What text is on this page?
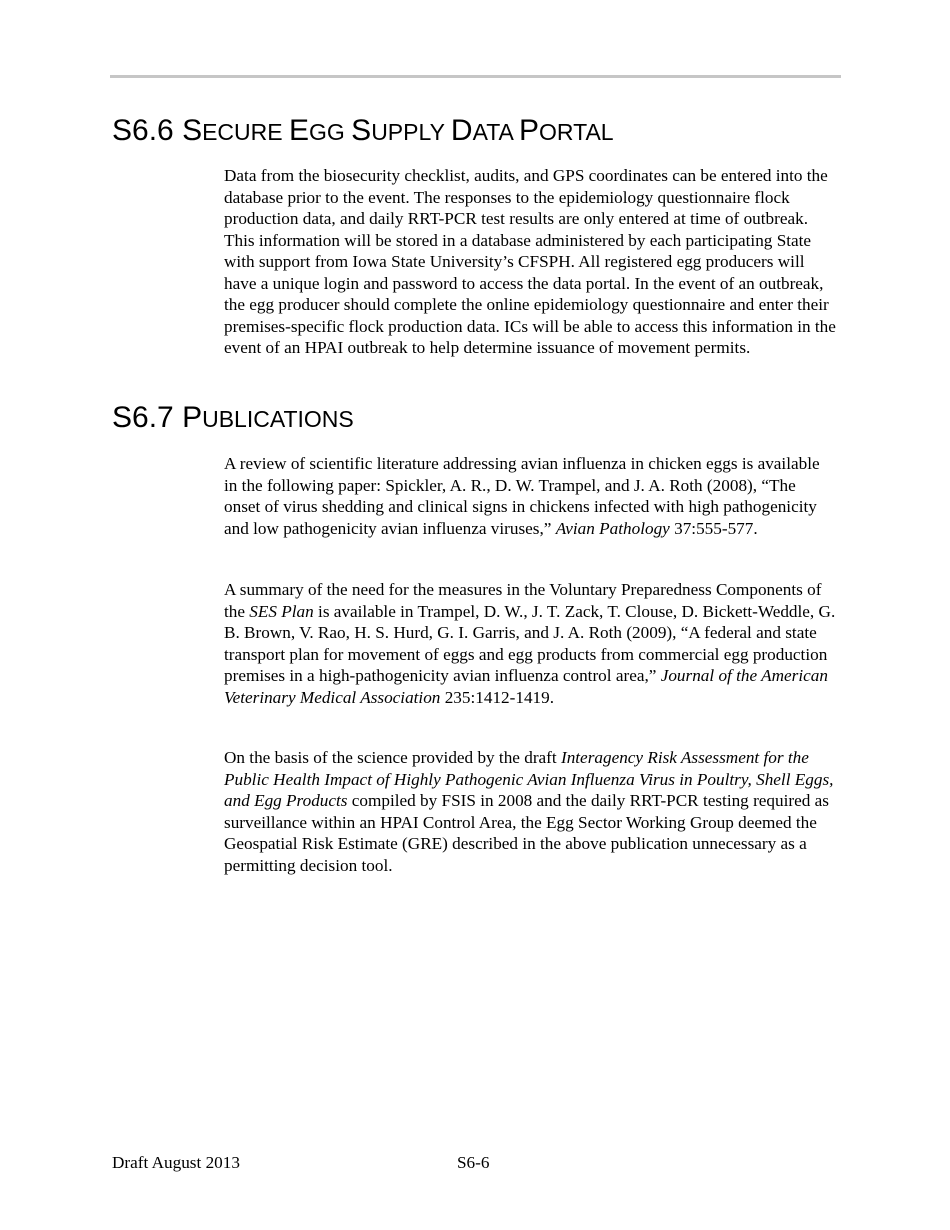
S6.6 SECURE EGG SUPPLY DATA PORTAL

Data from the biosecurity checklist, audits, and GPS coordinates can be entered into the database prior to the event. The responses to the epidemiology questionnaire flock production data, and daily RRT-PCR test results are only entered at time of outbreak. This information will be stored in a database administered by each participating State with support from Iowa State University’s CFSPH. All registered egg producers will have a unique login and password to access the data portal. In the event of an outbreak, the egg producer should complete the online epidemiology questionnaire and enter their premises-specific flock production data. ICs will be able to access this information in the event of an HPAI outbreak to help determine issuance of movement permits.

S6.7 PUBLICATIONS

A review of scientific literature addressing avian influenza in chicken eggs is available in the following paper: Spickler, A. R., D. W. Trampel, and J. A. Roth (2008), “The onset of virus shedding and clinical signs in chickens infected with high pathogenicity and low pathogenicity avian influenza viruses,” Avian Pathology 37:555-577.

A summary of the need for the measures in the Voluntary Preparedness Components of the SES Plan is available in Trampel, D. W., J. T. Zack, T. Clouse, D. Bickett-Weddle, G. B. Brown, V. Rao, H. S. Hurd, G. I. Garris, and J. A. Roth (2009), “A federal and state transport plan for movement of eggs and egg products from commercial egg production premises in a high-pathogenicity avian influenza control area,” Journal of the American Veterinary Medical Association 235:1412-1419.

On the basis of the science provided by the draft Interagency Risk Assessment for the Public Health Impact of Highly Pathogenic Avian Influenza Virus in Poultry, Shell Eggs, and Egg Products compiled by FSIS in 2008 and the daily RRT-PCR testing required as surveillance within an HPAI Control Area, the Egg Sector Working Group deemed the Geospatial Risk Estimate (GRE) described in the above publication unnecessary as a permitting decision tool.

Draft August 2013	S6-6
